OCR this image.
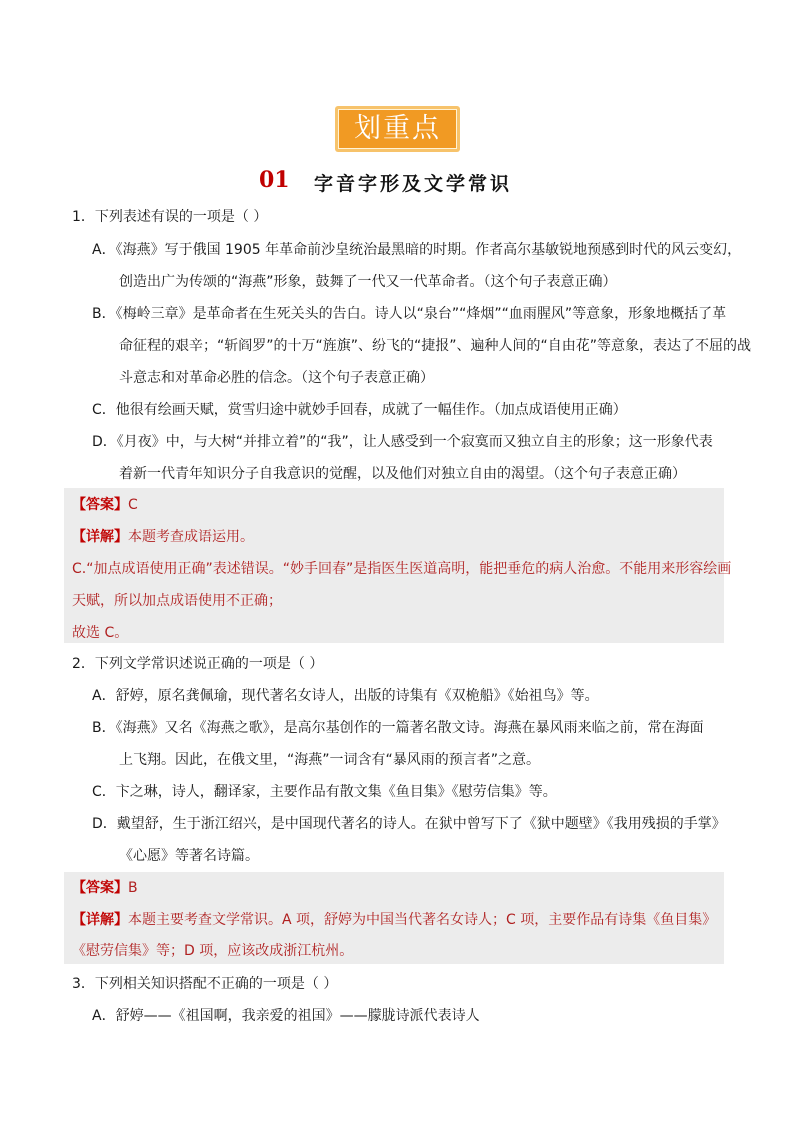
划重点
01 字音字形及文学常识
1．下列表述有误的一项是（ ）
A．《海燕》写于俄国 1905 年革命前沙皇统治最黑暗的时期。作者高尔基敏锐地预感到时代的风云变幻，
创造出广为传颂的“海燕”形象，鼓舞了一代又一代革命者。（这个句子表意正确）
B．《梅岭三章》是革命者在生死关头的告白。诗人以“泉台”“烽烟”“血雨腥风”等意象，形象地概括了革
命征程的艰辛；“斩阎罗”的十万“旌旗”、纷飞的“捷报”、遍种人间的“自由花”等意象，表达了不屈的战
斗意志和对革命必胜的信念。（这个句子表意正确）
C．他很有绘画天赋，赏雪归途中就妙手回春，成就了一幅佳作。（加点成语使用正确）
D．《月夜》中，与大树“并排立着”的“我”，让人感受到一个寂寞而又独立自主的形象；这一形象代表
着新一代青年知识分子自我意识的觉醒，以及他们对独立自由的渴望。（这个句子表意正确）
【答案】C
【详解】本题考查成语运用。
C.“加点成语使用正确”表述错误。“妙手回春”是指医生医道高明，能把垂危的病人治愈。不能用来形容绘画
天赋，所以加点成语使用不正确；
故选 C。
2．下列文学常识述说正确的一项是（ ）
A．舒婷，原名龚佩瑜，现代著名女诗人，出版的诗集有《双桅船》《始祖鸟》等。
B．《海燕》又名《海燕之歌》，是高尔基创作的一篇著名散文诗。海燕在暴风雨来临之前，常在海面
上飞翔。因此，在俄文里，“海燕”一词含有“暴风雨的预言者”之意。
C．卞之琳，诗人，翻译家，主要作品有散文集《鱼目集》《慰劳信集》等。
D．戴望舒，生于浙江绍兴，是中国现代著名的诗人。在狱中曾写下了《狱中题壁》《我用残损的手掌》
《心愿》等著名诗篇。
【答案】B
【详解】本题主要考查文学常识。A 项，舒婷为中国当代著名女诗人；C 项，主要作品有诗集《鱼目集》
《慰劳信集》等；D 项，应该改成浙江杭州。
3．下列相关知识搭配不正确的一项是（ ）
A．舒婷——《祖国啊，我亲爱的祖国》——朦胧诗派代表诗人
